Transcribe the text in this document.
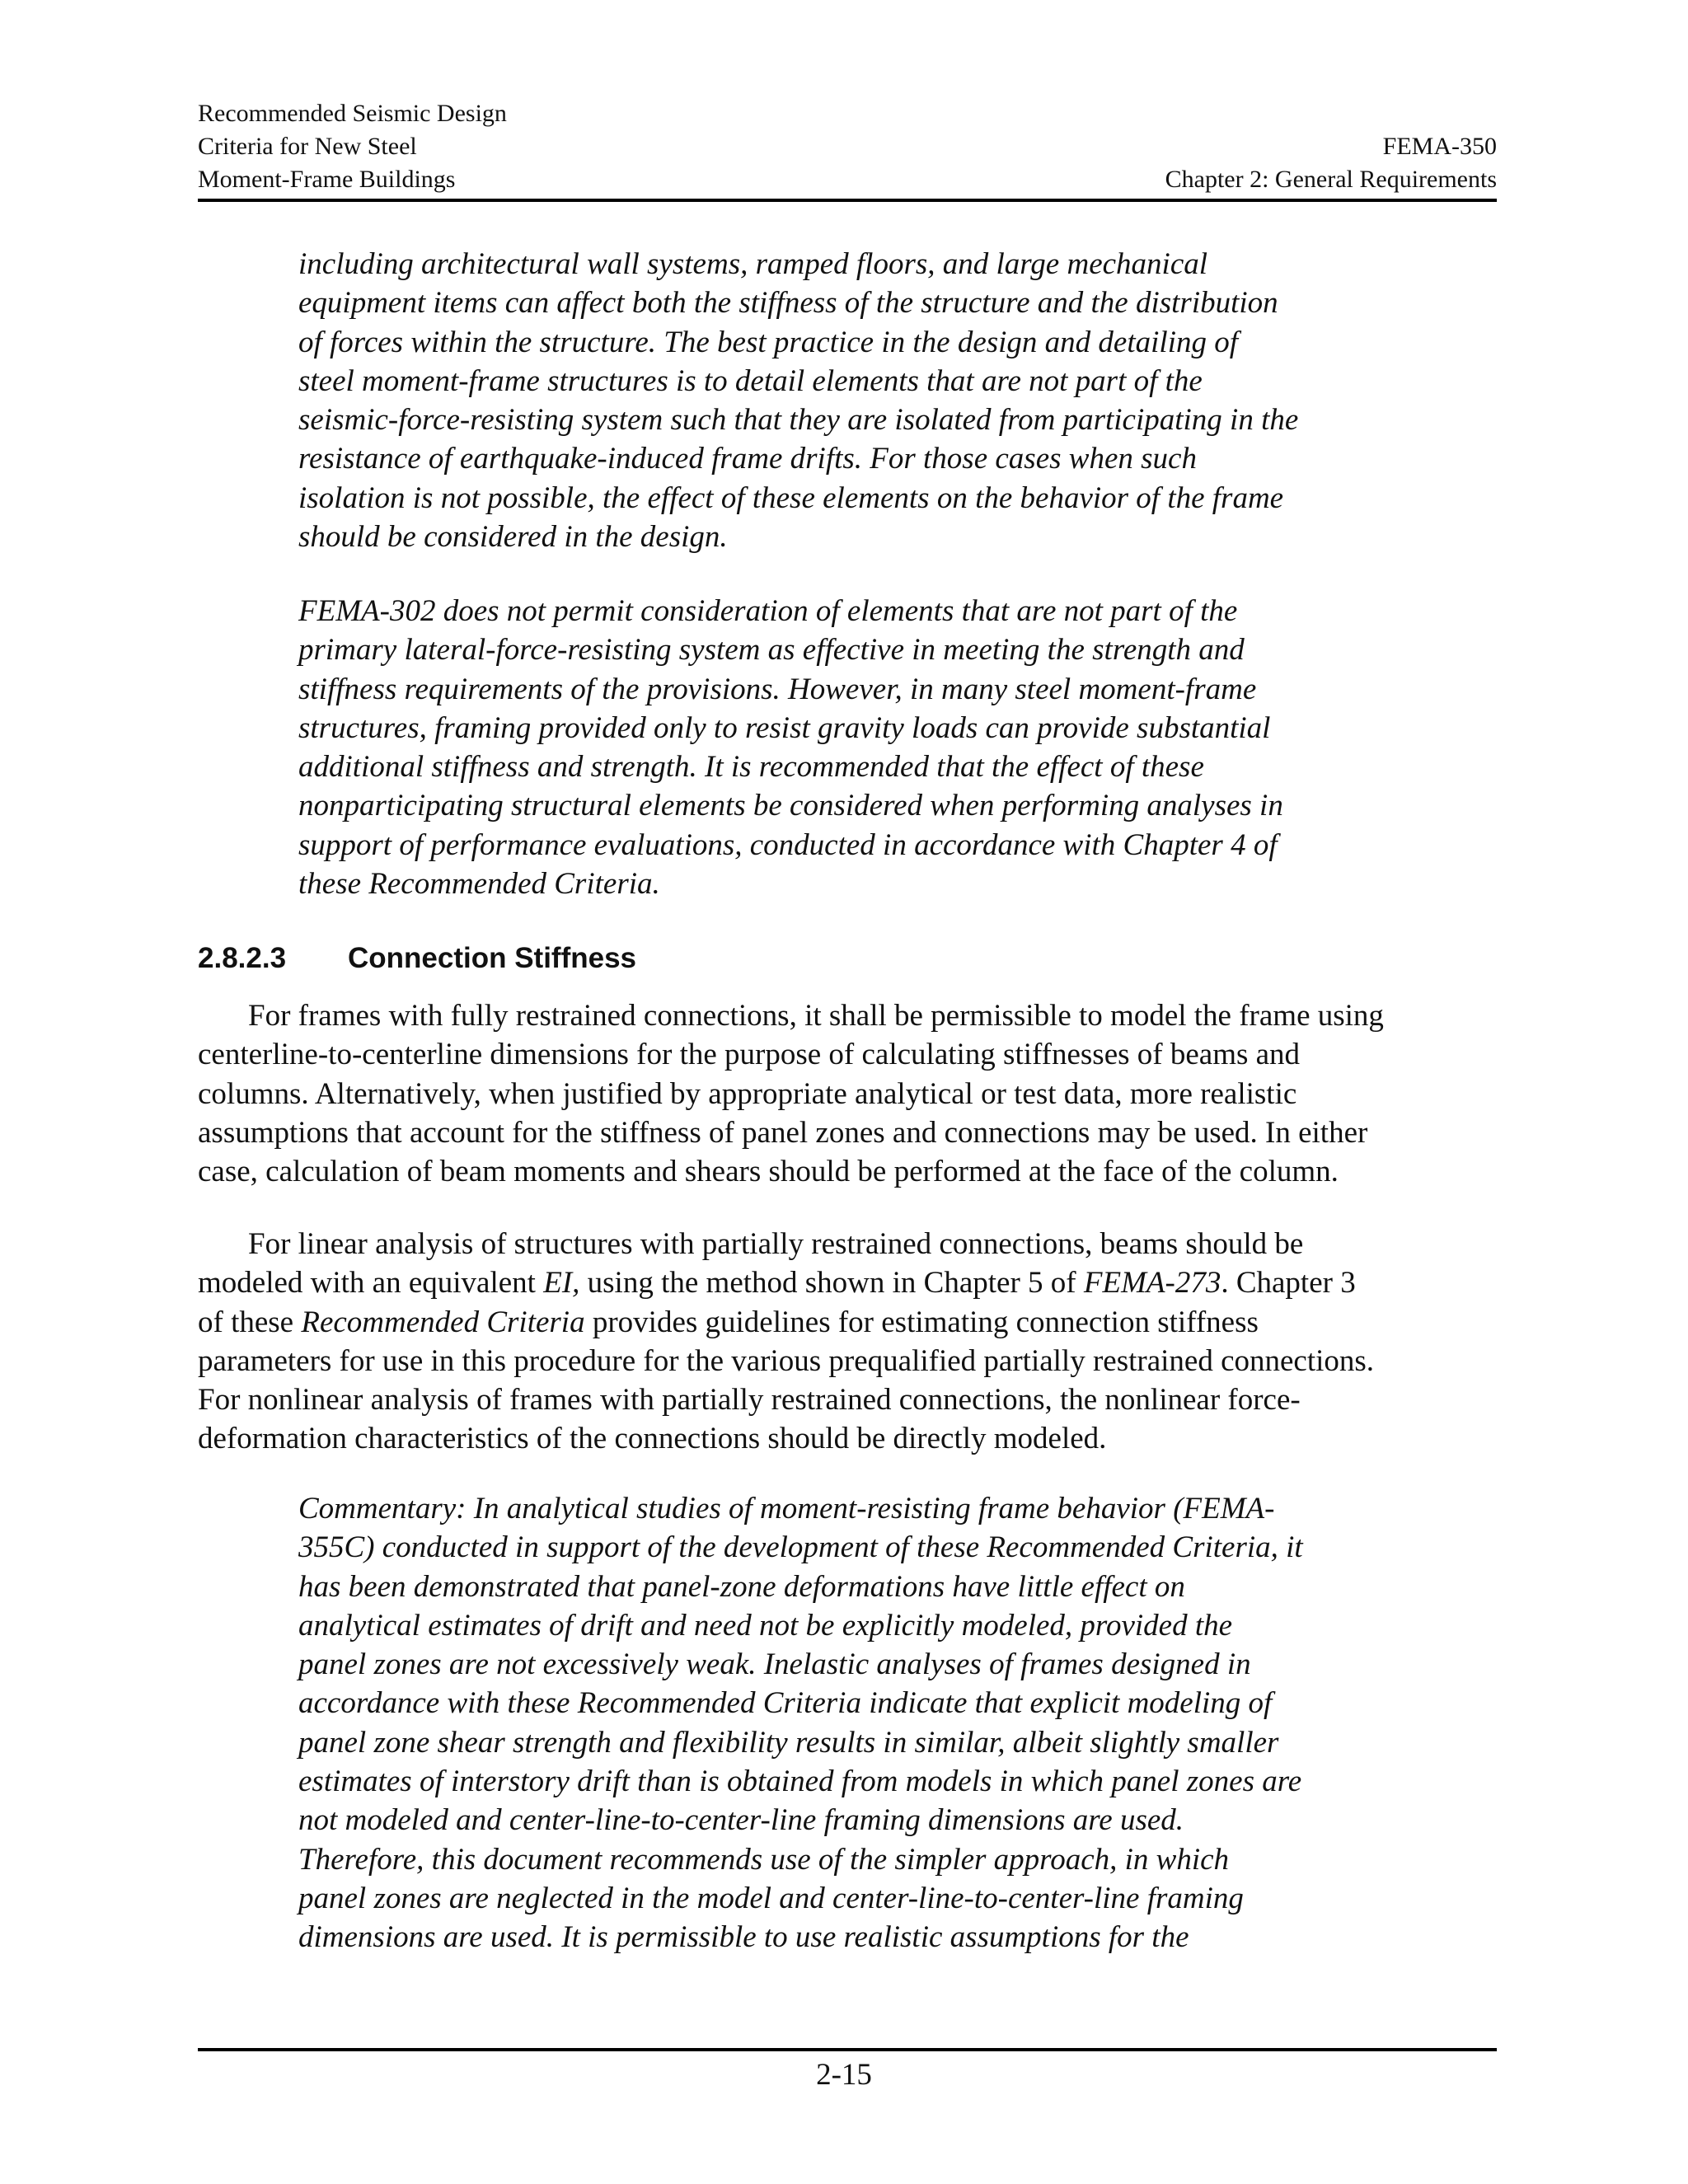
Recommended Seismic Design
Criteria for New Steel
Moment-Frame Buildings
FEMA-350
Chapter 2: General Requirements

including architectural wall systems, ramped floors, and large mechanical
equipment items can affect both the stiffness of the structure and the distribution
of forces within the structure. The best practice in the design and detailing of
steel moment-frame structures is to detail elements that are not part of the
seismic-force-resisting system such that they are isolated from participating in the
resistance of earthquake-induced frame drifts. For those cases when such
isolation is not possible, the effect of these elements on the behavior of the frame
should be considered in the design.

FEMA-302 does not permit consideration of elements that are not part of the
primary lateral-force-resisting system as effective in meeting the strength and
stiffness requirements of the provisions. However, in many steel moment-frame
structures, framing provided only to resist gravity loads can provide substantial
additional stiffness and strength. It is recommended that the effect of these
nonparticipating structural elements be considered when performing analyses in
support of performance evaluations, conducted in accordance with Chapter 4 of
these Recommended Criteria.

2.8.2.3 Connection Stiffness

For frames with fully restrained connections, it shall be permissible to model the frame using
centerline-to-centerline dimensions for the purpose of calculating stiffnesses of beams and
columns. Alternatively, when justified by appropriate analytical or test data, more realistic
assumptions that account for the stiffness of panel zones and connections may be used. In either
case, calculation of beam moments and shears should be performed at the face of the column.

For linear analysis of structures with partially restrained connections, beams should be
modeled with an equivalent EI, using the method shown in Chapter 5 of FEMA-273. Chapter 3
of these Recommended Criteria provides guidelines for estimating connection stiffness
parameters for use in this procedure for the various prequalified partially restrained connections.
For nonlinear analysis of frames with partially restrained connections, the nonlinear force-
deformation characteristics of the connections should be directly modeled.

Commentary: In analytical studies of moment-resisting frame behavior (FEMA-
355C) conducted in support of the development of these Recommended Criteria, it
has been demonstrated that panel-zone deformations have little effect on
analytical estimates of drift and need not be explicitly modeled, provided the
panel zones are not excessively weak. Inelastic analyses of frames designed in
accordance with these Recommended Criteria indicate that explicit modeling of
panel zone shear strength and flexibility results in similar, albeit slightly smaller
estimates of interstory drift than is obtained from models in which panel zones are
not modeled and center-line-to-center-line framing dimensions are used.
Therefore, this document recommends use of the simpler approach, in which
panel zones are neglected in the model and center-line-to-center-line framing
dimensions are used. It is permissible to use realistic assumptions for the

2-15
